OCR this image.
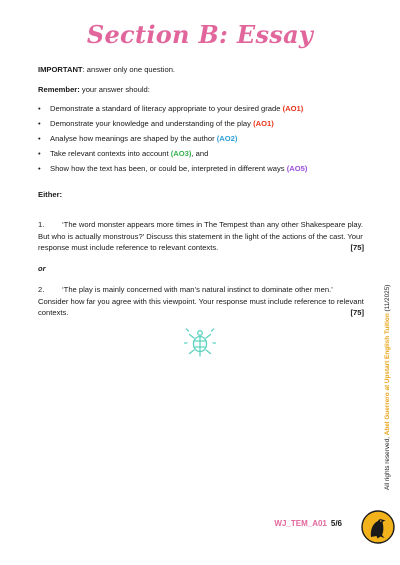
Section B: Essay

IMPORTANT: answer only one question.

Remember: your answer should:

• Demonstrate a standard of literacy appropriate to your desired grade (AO1)
• Demonstrate your knowledge and understanding of the play (AO1)
• Analyse how meanings are shaped by the author (AO2)
• Take relevant contexts into account (AO3), and
• Show how the text has been, or could be, interpreted in different ways (AO5)

Either:

1. ‘The word monster appears more times in The Tempest than any other Shakespeare play. But who is actually monstrous?’ Discuss this statement in the light of the actions of the cast. Your response must include reference to relevant contexts.	[75]

or

2. ‘The play is mainly concerned with man’s natural instinct to dominate other men.’ Consider how far you agree with this viewpoint. Your response must include reference to relevant contexts.	[75]
All rights reserved, Abel Guerrero at Upstart English Tuition (11/2025)
WJ_TEM_A01 5/6
